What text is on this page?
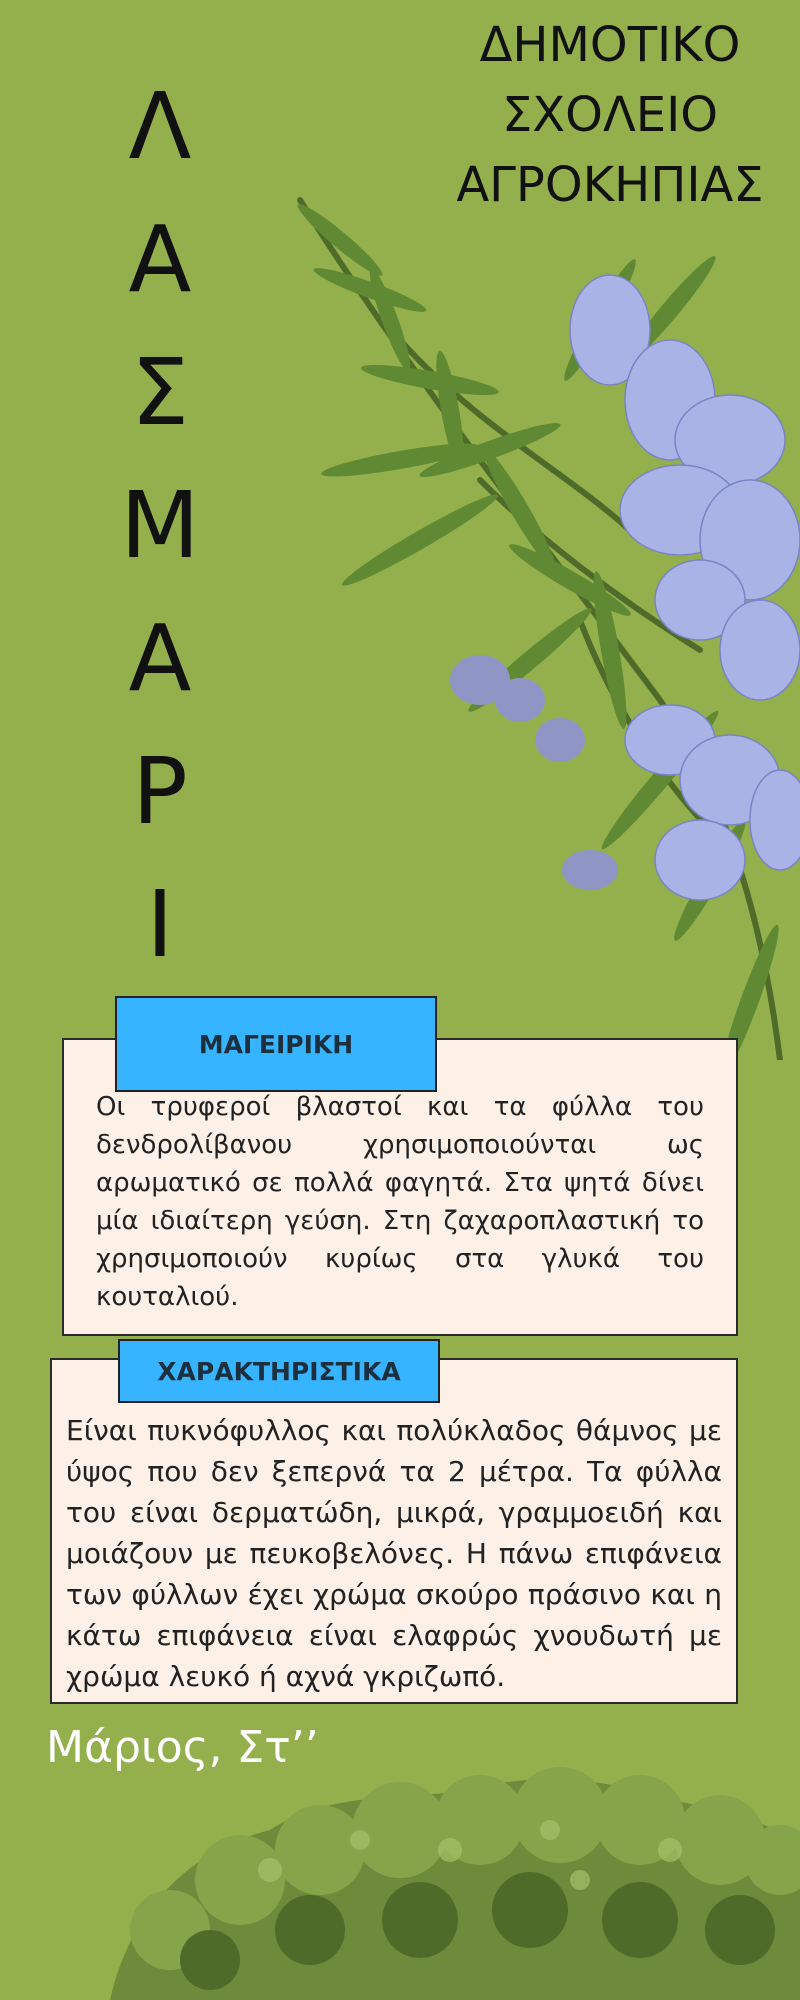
ΔΗΜΟΤΙΚΟ
ΣΧΟΛΕΙΟ
ΑΓΡΟΚΗΠΙΑΣ
Λ
Α
Σ
Μ
Α
Ρ
Ι

Οι τρυφεροί βλαστοί και τα φύλλα του δενδρολίβανου χρησιμοποιούνται ως αρωματικό σε πολλά φαγητά. Στα ψητά δίνει μία ιδιαίτερη γεύση. Στη ζαχαροπλαστική το χρησιμοποιούν κυρίως στα γλυκά του κουταλιού.

ΜΑΓΕΙΡΙΚΗ

Είναι πυκνόφυλλος και πολύκλαδος θάμνος με ύψος που δεν ξεπερνά τα 2 μέτρα. Τα φύλλα του είναι δερματώδη, μικρά, γραμμοειδή και μοιάζουν με πευκοβελόνες. Η πάνω επιφάνεια των φύλλων έχει χρώμα σκούρο πράσινο και η κάτω επιφάνεια είναι ελαφρώς χνουδωτή με χρώμα λευκό ή αχνά γκριζωπό.

ΧΑΡΑΚΤΗΡΙΣΤΙΚΑ
Μάριος, Στ’’
